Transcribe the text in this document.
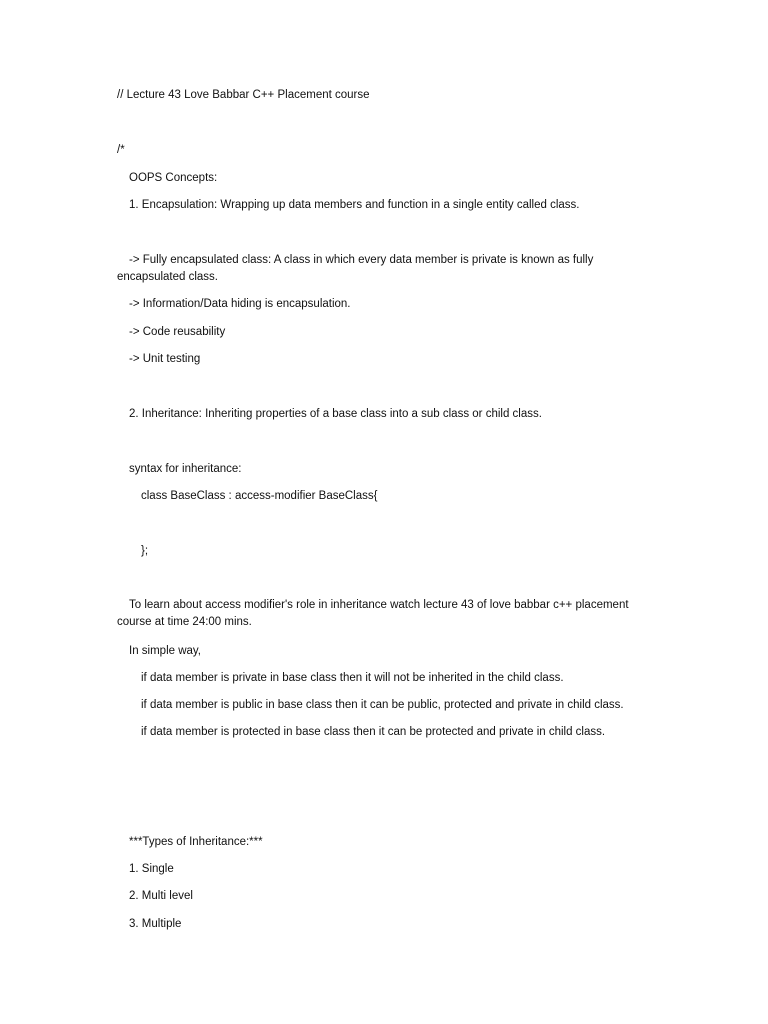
// Lecture 43 Love Babbar C++ Placement course
/*
OOPS Concepts:
1. Encapsulation: Wrapping up data members and function in a single entity called class.
-> Fully encapsulated class: A class in which every data member is private is known as fully encapsulated class.
-> Information/Data hiding is encapsulation.
-> Code reusability
-> Unit testing
2. Inheritance: Inheriting properties of a base class into a sub class or child class.
syntax for inheritance:
class BaseClass : access-modifier BaseClass{
};
To learn about access modifier's role in inheritance watch lecture 43 of love babbar c++ placement course at time 24:00 mins.
In simple way,
if data member is private in base class then it will not be inherited in the child class.
if data member is public in base class then it can be public, protected and private in child class.
if data member is protected in base class then it can be protected and private in child class.
***Types of Inheritance:***
1. Single
2. Multi level
3. Multiple
